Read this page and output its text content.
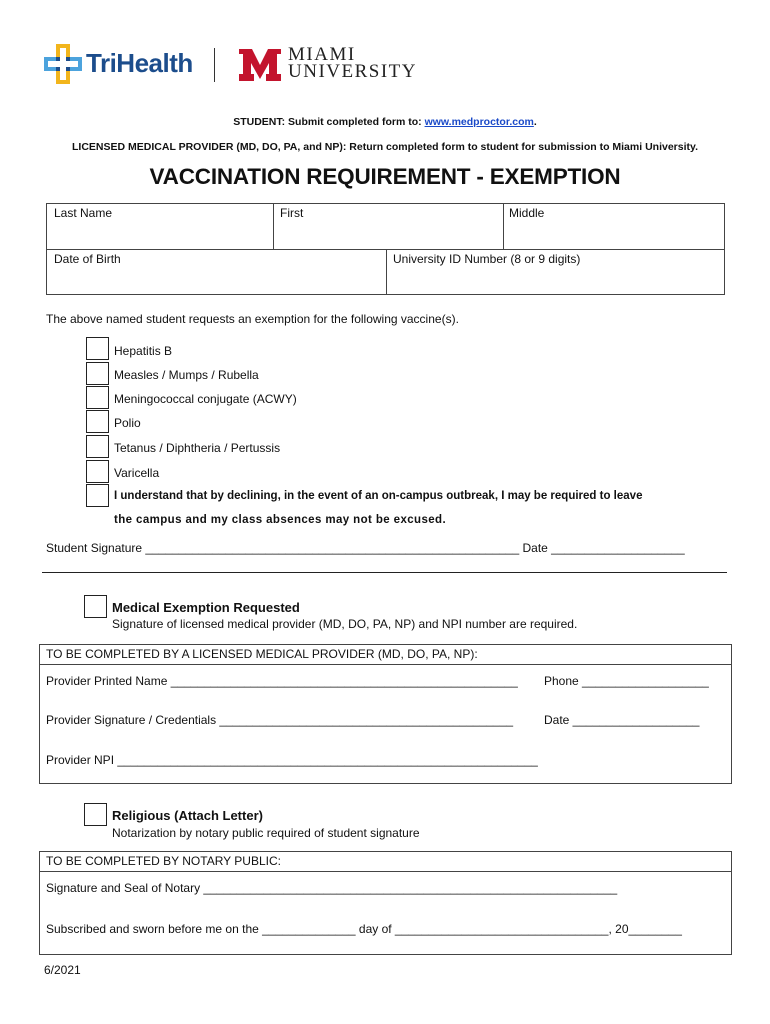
TriHealth	MIAMI
UNIVERSITY
STUDENT: Submit completed form to: www.medproctor.com.
LICENSED MEDICAL PROVIDER (MD, DO, PA, and NP): Return completed form to student for submission to Miami University.
VACCINATION REQUIREMENT - EXEMPTION
Last Name	First	Middle
Date of Birth	University ID Number (8 or 9 digits)
The above named student requests an exemption for the following vaccine(s).
Hepatitis B
Measles / Mumps / Rubella
Meningococcal conjugate (ACWY)
Polio
Tetanus / Diphtheria / Pertussis
Varicella
I understand that by declining, in the event of an on-campus outbreak, I may be required to leave
the campus and my class absences may not be excused.
Student Signature ________________________________________________________ Date ____________________
Medical Exemption Requested
Signature of licensed medical provider (MD, DO, PA, NP) and NPI number are required.
TO BE COMPLETED BY A LICENSED MEDICAL PROVIDER (MD, DO, PA, NP):
Provider Printed Name ____________________________________________________ Phone ___________________
Provider Signature / Credentials ____________________________________________	Date ___________________
Provider NPI _______________________________________________________________
Religious (Attach Letter)
Notarization by notary public required of student signature
TO BE COMPLETED BY NOTARY PUBLIC:
Signature and Seal of Notary ______________________________________________________________
Subscribed and sworn before me on the ______________ day of ________________________________, 20________
6/2021
